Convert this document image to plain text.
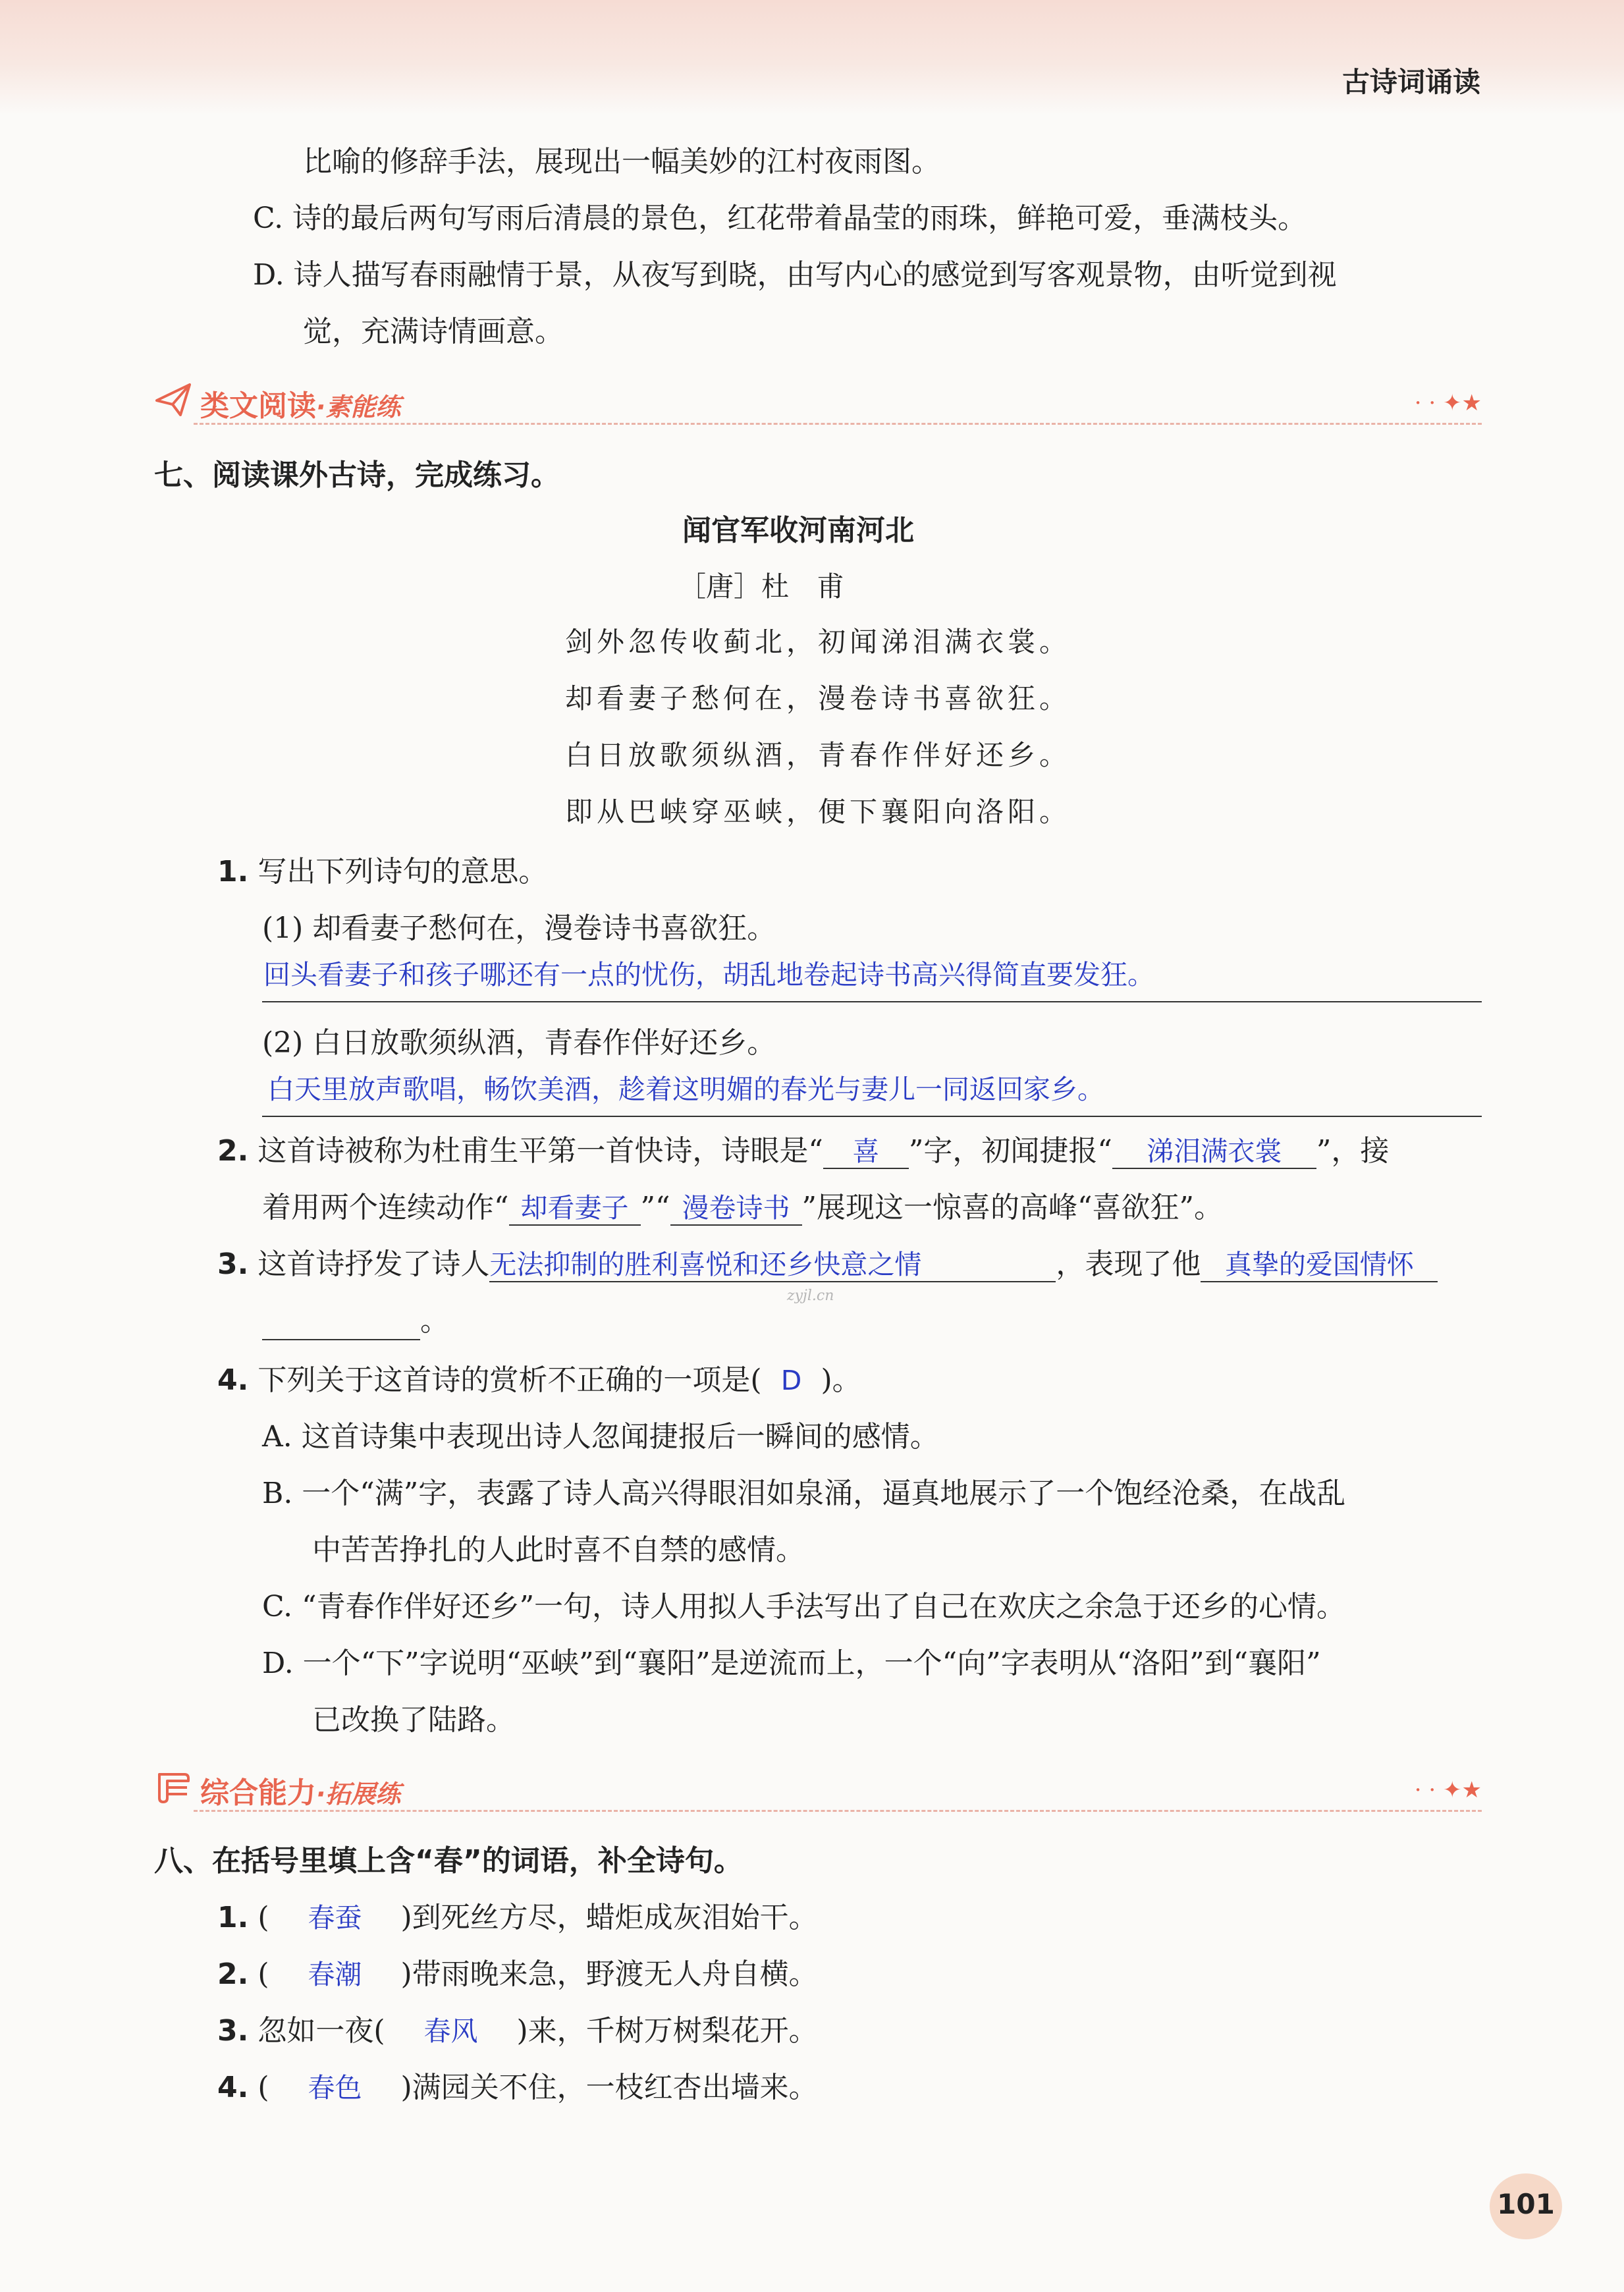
古诗词诵读
比喻的修辞手法，展现出一幅美妙的江村夜雨图。
C. 诗的最后两句写雨后清晨的景色，红花带着晶莹的雨珠，鲜艳可爱，垂满枝头。
D. 诗人描写春雨融情于景，从夜写到晓，由写内心的感觉到写客观景物，由听觉到视
觉，充满诗情画意。
类文阅读·素能练	· · ✦★
七、阅读课外古诗，完成练习。
闻官军收河南河北
［唐］杜　甫
剑外忽传收蓟北，初闻涕泪满衣裳。
却看妻子愁何在，漫卷诗书喜欲狂。
白日放歌须纵酒，青春作伴好还乡。
即从巴峡穿巫峡，便下襄阳向洛阳。
1. 写出下列诗句的意思。
(1) 却看妻子愁何在，漫卷诗书喜欲狂。
回头看妻子和孩子哪还有一点的忧伤，胡乱地卷起诗书高兴得简直要发狂。
(2) 白日放歌须纵酒，青春作伴好还乡。
白天里放声歌唱，畅饮美酒，趁着这明媚的春光与妻儿一同返回家乡。
2. 这首诗被称为杜甫生平第一首快诗，诗眼是“ 喜 ”字，初闻捷报“ 涕泪满衣裳 ”，接
着用两个连续动作“ 却看妻子 ”“ 漫卷诗书 ”展现这一惊喜的高峰“喜欲狂”。
3. 这首诗抒发了诗人无法抑制的胜利喜悦和还乡快意之情	，表现了他 真挚的爱国情怀
。
zyjl.cn
4. 下列关于这首诗的赏析不正确的一项是( D )。
A. 这首诗集中表现出诗人忽闻捷报后一瞬间的感情。
B. 一个“满”字，表露了诗人高兴得眼泪如泉涌，逼真地展示了一个饱经沧桑，在战乱
中苦苦挣扎的人此时喜不自禁的感情。
C. “青春作伴好还乡”一句，诗人用拟人手法写出了自己在欢庆之余急于还乡的心情。
D. 一个“下”字说明“巫峡”到“襄阳”是逆流而上，一个“向”字表明从“洛阳”到“襄阳”
已改换了陆路。
综合能力·拓展练	· · ✦★
八、在括号里填上含“春”的词语，补全诗句。
1. ( 春蚕 )到死丝方尽，蜡炬成灰泪始干。
2. ( 春潮 )带雨晚来急，野渡无人舟自横。
3. 忽如一夜( 春风 )来，千树万树梨花开。
4. ( 春色 )满园关不住，一枝红杏出墙来。
101
